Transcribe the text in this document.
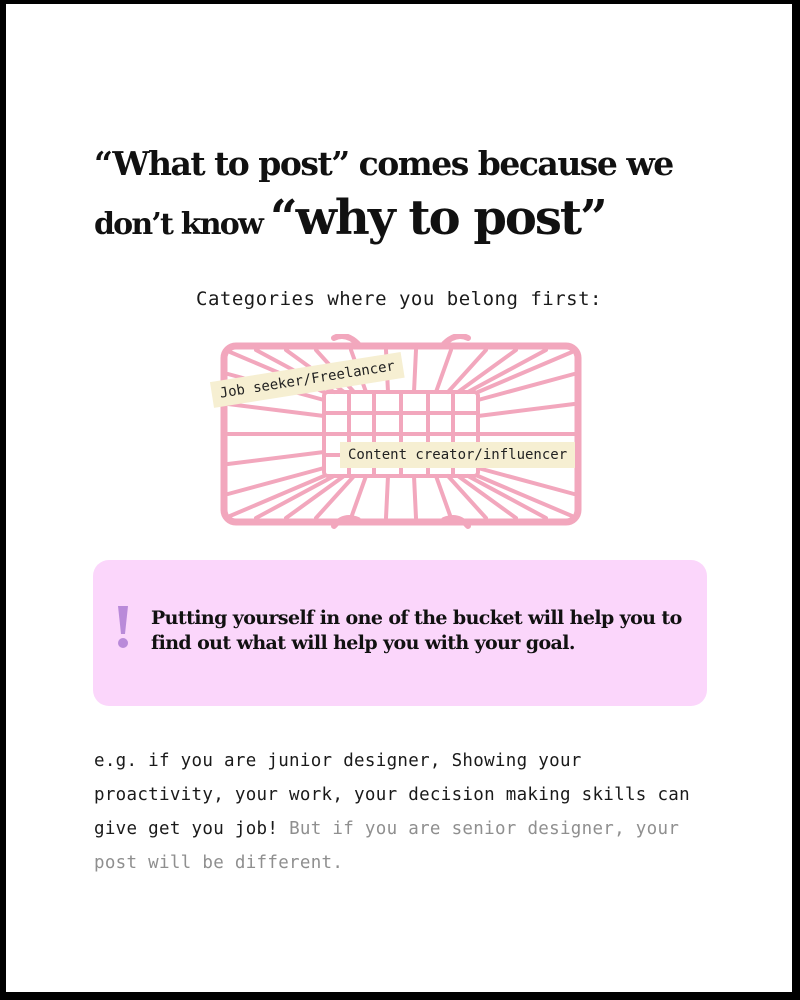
“What to post” comes because we
don’t know “why to post”
Categories where you belong first:
Job seeker/Freelancer
Content creator/influencer
Putting yourself in one of the bucket will help you to find out what will help you with your goal.
e.g. if you are junior designer, Showing your proactivity, your work, your decision making skills can give get you job! But if you are senior designer, your post will be different.
